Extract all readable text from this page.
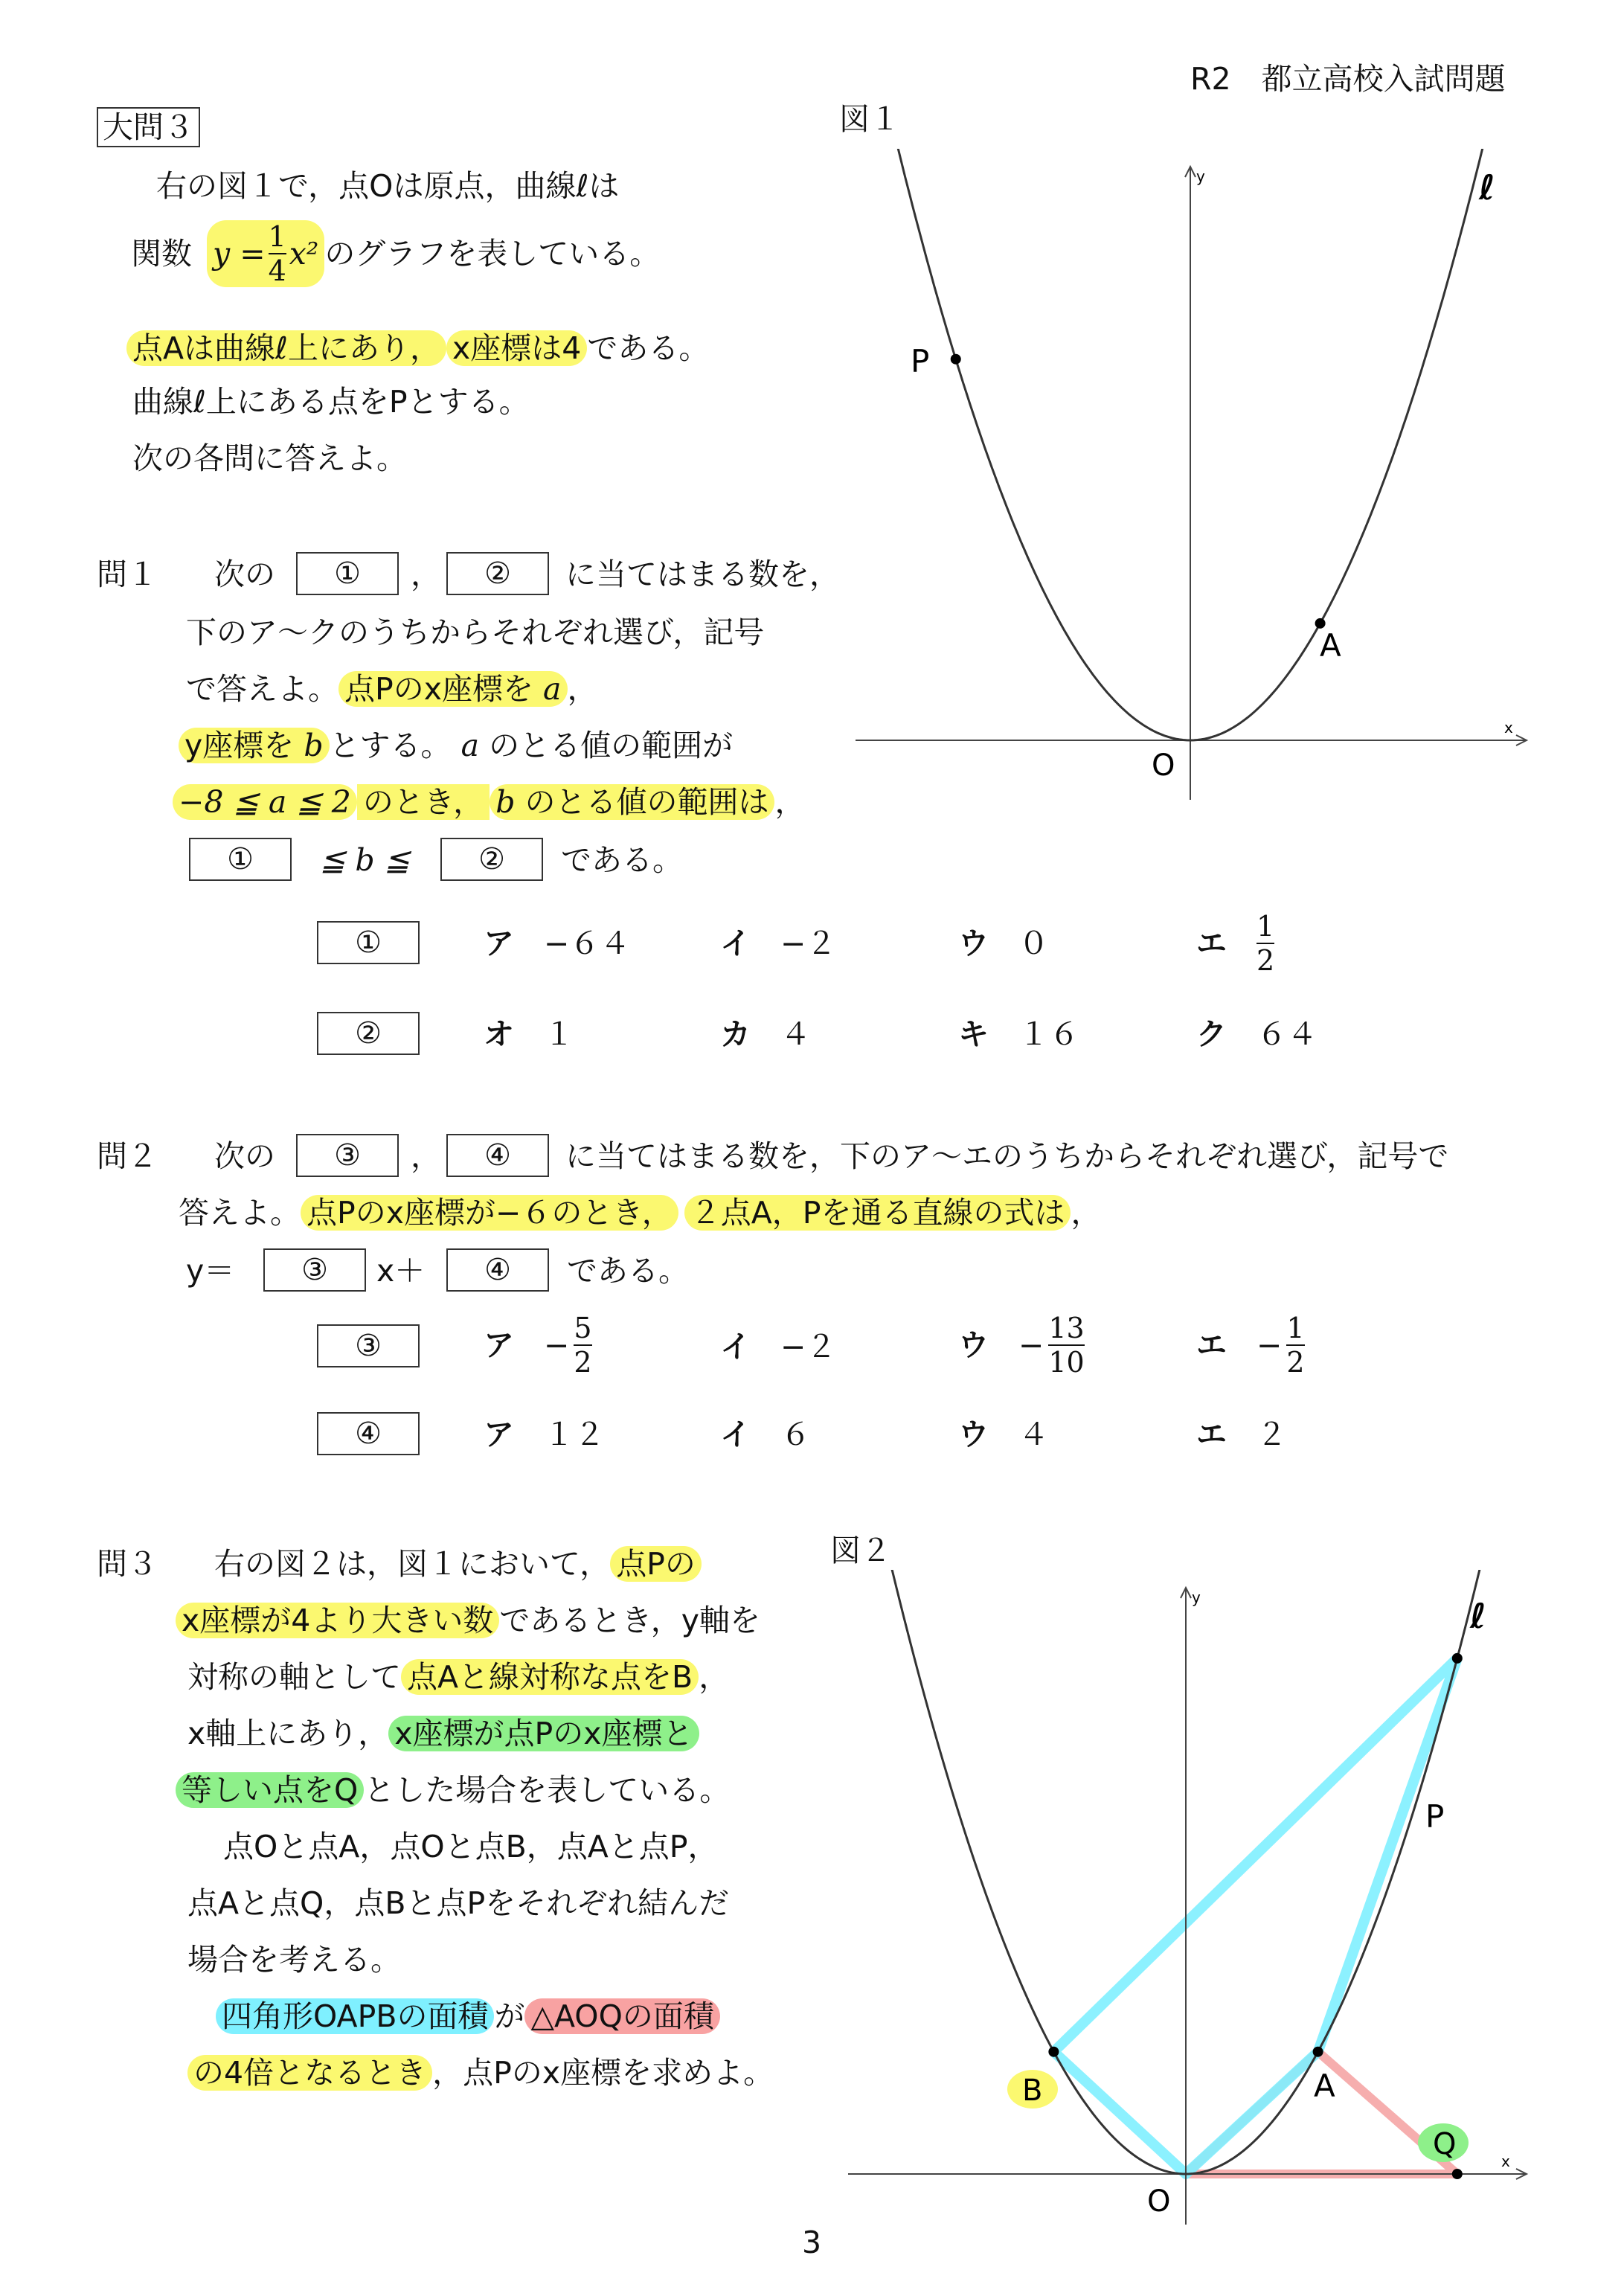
R2　都立高校入試問題
大問３
右の図１で，点Oは原点，曲線ℓは
関数 $y = \frac{1}{4} x^2$ のグラフを表している。
点Aは曲線ℓ上にあり， x座標は4 である。
曲線ℓ上にある点をPとする。
次の各問に答えよ。
問１ 次の	①	，	②	に当てはまる数を，
下のア～クのうちからそれぞれ選び，記号
で答えよ。 点Pのx座標を a ，
y座標を b とする。 a のとる値の範囲が
−8 ≦ a ≦ 2 のとき， b のとる値の範囲は ，
①	≦ b ≦	②	である。
①	ア −６４	イ −２	ウ ０	エ $\frac{1}{2}$
②	オ １	カ ４	キ １６	ク ６４
問２ 次の	③	，	④	に当てはまる数を，下のア～エのうちからそれぞれ選び，記号で
答えよ。 点Pのx座標が−６のとき， ２点A，Pを通る直線の式は ，
y＝	③	x＋	④	である。
③	ア − $\frac{5}{2}$	イ −２	ウ − $\frac{13}{10}$	エ − $\frac{1}{2}$
④	ア １２	イ ６	ウ ４	エ ２
問３ 右の図２は，図１において， 点Pの
x座標が4より大きい数 であるとき，y軸を
対称の軸として 点Aと線対称な点をB ，
x軸上にあり， x座標が点Pのx座標と
等しい点をQ とした場合を表している。
点Oと点A，点Oと点B，点Aと点P，
点Aと点Q，点Bと点Pをそれぞれ結んだ
場合を考える。
四角形OAPBの面積 が △AOQの面積
の4倍となるとき ，点Pのx座標を求めよ。
図１
ℓ
x
y
O
P
A
図２
ℓ
x
y
O
P
A
B
Q
3
